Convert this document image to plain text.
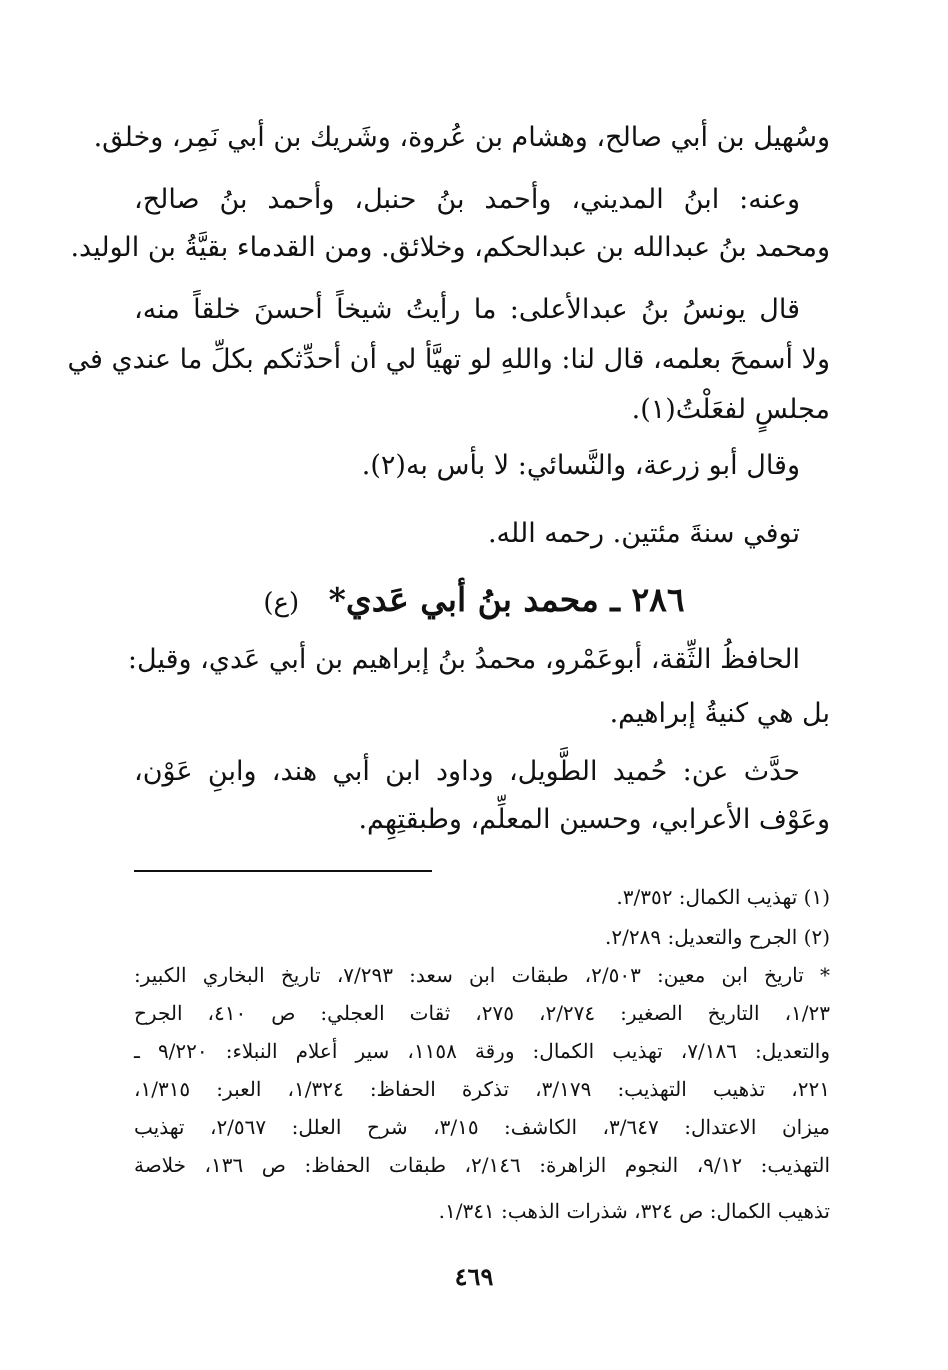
وسُهيل بن أبي صالح، وهشام بن عُروة، وشَريك بن أبي نَمِر، وخلق.
وعنه: ابنُ المديني، وأحمد بنُ حنبل، وأحمد بنُ صالح،
ومحمد بنُ عبدالله بن عبدالحكم، وخلائق. ومن القدماء بقيَّةُ بن الوليد.
قال يونسُ بنُ عبدالأعلى: ما رأيتُ شيخاً أحسنَ خلقاً منه،
ولا أسمحَ بعلمه، قال لنا: واللهِ لو تهيَّأ لي أن أحدِّثكم بكلِّ ما عندي في
مجلسٍ لفعَلْتُ(١).
وقال أبو زرعة، والنَّسائي: لا بأس به(٢).
توفي سنةَ مئتين. رحمه الله.
٢٨٦ ـ محمد بنُ أبي عَدي* (ع)
الحافظُ الثِّقة، أبوعَمْرو، محمدُ بنُ إبراهيم بن أبي عَدي، وقيل:
بل هي كنيةُ إبراهيم.
حدَّث عن: حُميد الطَّويل، وداود ابن أبي هند، وابنِ عَوْن،
وعَوْف الأعرابي، وحسين المعلِّم، وطبقتِهِم.
(١) تهذيب الكمال: ٣/٣٥٢.
(٢) الجرح والتعديل: ٢/٢٨٩.
* تاريخ ابن معين: ٢/٥٠٣، طبقات ابن سعد: ٧/٢٩٣، تاريخ البخاري الكبير:
١/٢٣، التاريخ الصغير: ٢/٢٧٤، ٢٧٥، ثقات العجلي: ص ٤١٠، الجرح
والتعديل: ٧/١٨٦، تهذيب الكمال: ورقة ١١٥٨، سير أعلام النبلاء: ٩/٢٢٠ ـ
٢٢١، تذهيب التهذيب: ٣/١٧٩، تذكرة الحفاظ: ١/٣٢٤، العبر: ١/٣١٥،
ميزان الاعتدال: ٣/٦٤٧، الكاشف: ٣/١٥، شرح العلل: ٢/٥٦٧، تهذيب
التهذيب: ٩/١٢، النجوم الزاهرة: ٢/١٤٦، طبقات الحفاظ: ص ١٣٦، خلاصة
تذهيب الكمال: ص ٣٢٤، شذرات الذهب: ١/٣٤١.
٤٦٩
